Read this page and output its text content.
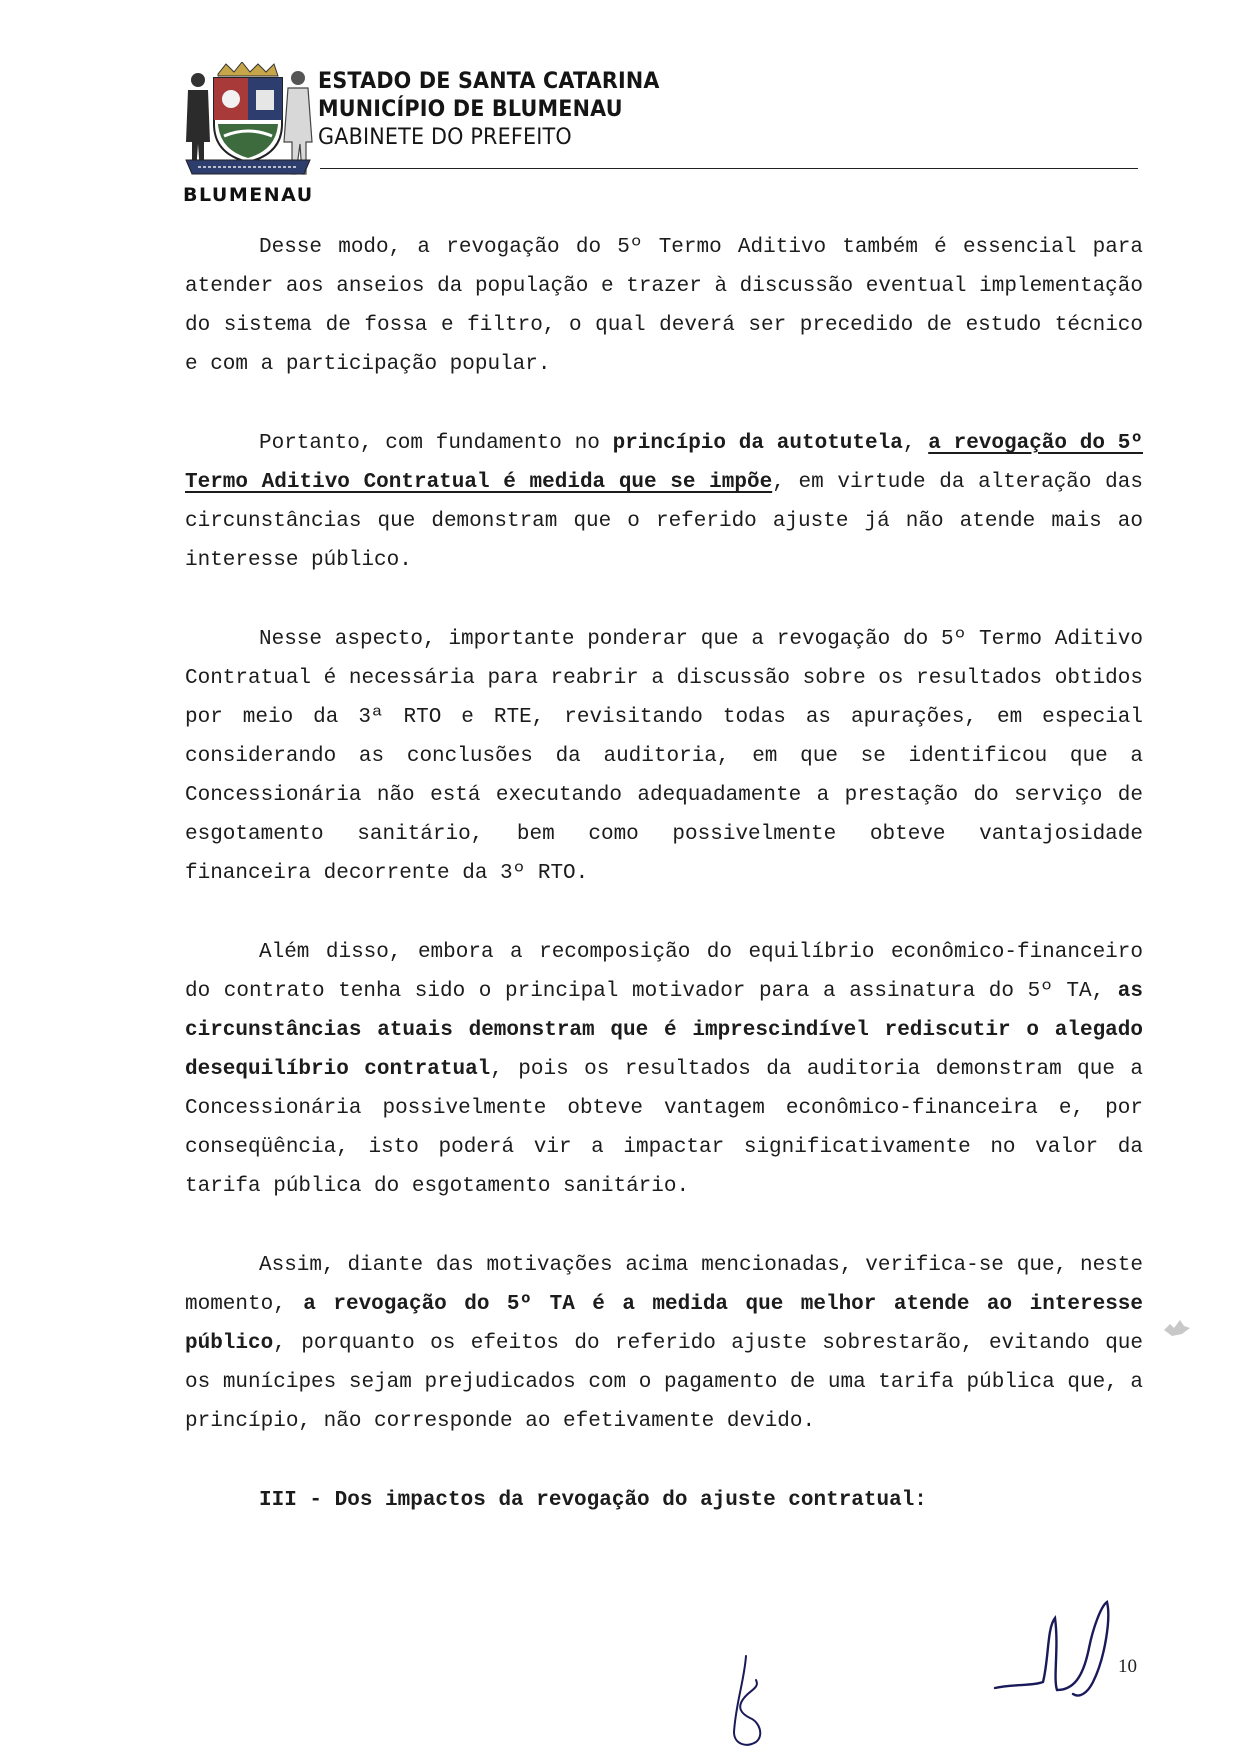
BLUMENAU
ESTADO DE SANTA CATARINA
MUNICÍPIO DE BLUMENAU
GABINETE DO PREFEITO

Desse modo, a revogação do 5º Termo Aditivo também é essencial para atender aos anseios da população e trazer à discussão eventual implementação do sistema de fossa e filtro, o qual deverá ser precedido de estudo técnico e com a participação popular.

Portanto, com fundamento no princípio da autotutela, a revogação do 5º Termo Aditivo Contratual é medida que se impõe, em virtude da alteração das circunstâncias que demonstram que o referido ajuste já não atende mais ao interesse público.

Nesse aspecto, importante ponderar que a revogação do 5º Termo Aditivo Contratual é necessária para reabrir a discussão sobre os resultados obtidos por meio da 3ª RTO e RTE, revisitando todas as apurações, em especial considerando as conclusões da auditoria, em que se identificou que a Concessionária não está executando adequadamente a prestação do serviço de esgotamento sanitário, bem como possivelmente obteve vantajosidade financeira decorrente da 3º RTO.

Além disso, embora a recomposição do equilíbrio econômico-financeiro do contrato tenha sido o principal motivador para a assinatura do 5º TA, as circunstâncias atuais demonstram que é imprescindível rediscutir o alegado desequilíbrio contratual, pois os resultados da auditoria demonstram que a Concessionária possivelmente obteve vantagem econômico-financeira e, por conseqüência, isto poderá vir a impactar significativamente no valor da tarifa pública do esgotamento sanitário.

Assim, diante das motivações acima mencionadas, verifica-se que, neste momento, a revogação do 5º TA é a medida que melhor atende ao interesse público, porquanto os efeitos do referido ajuste sobrestarão, evitando que os munícipes sejam prejudicados com o pagamento de uma tarifa pública que, a princípio, não corresponde ao efetivamente devido.

III - Dos impactos da revogação do ajuste contratual:
10
